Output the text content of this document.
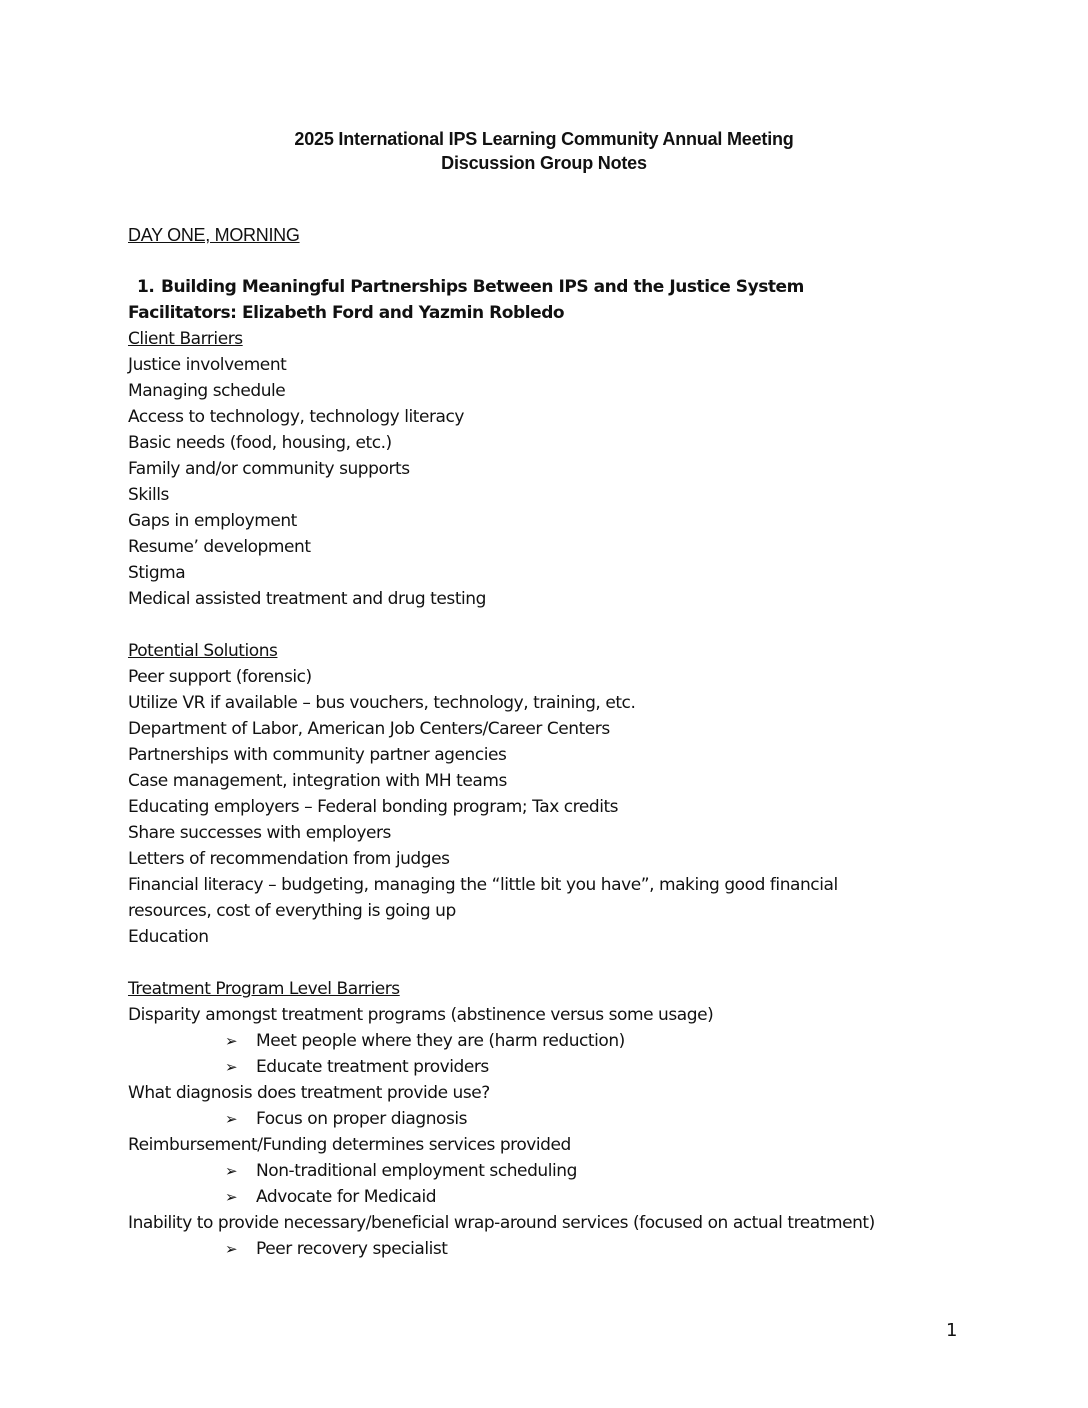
2025 International IPS Learning Community Annual Meeting
Discussion Group Notes
DAY ONE, MORNING
1. Building Meaningful Partnerships Between IPS and the Justice System
Facilitators: Elizabeth Ford and Yazmin Robledo
Client Barriers
Justice involvement
Managing schedule
Access to technology, technology literacy
Basic needs (food, housing, etc.)
Family and/or community supports
Skills
Gaps in employment
Resume’ development
Stigma
Medical assisted treatment and drug testing
Potential Solutions
Peer support (forensic)
Utilize VR if available – bus vouchers, technology, training, etc.
Department of Labor, American Job Centers/Career Centers
Partnerships with community partner agencies
Case management, integration with MH teams
Educating employers – Federal bonding program; Tax credits
Share successes with employers
Letters of recommendation from judges
Financial literacy – budgeting, managing the “little bit you have”, making good financial resources, cost of everything is going up
Education
Treatment Program Level Barriers
Disparity amongst treatment programs (abstinence versus some usage)
➢ Meet people where they are (harm reduction)
➢ Educate treatment providers
What diagnosis does treatment provide use?
➢ Focus on proper diagnosis
Reimbursement/Funding determines services provided
➢ Non-traditional employment scheduling
➢ Advocate for Medicaid
Inability to provide necessary/beneficial wrap-around services (focused on actual treatment)
➢ Peer recovery specialist
1
